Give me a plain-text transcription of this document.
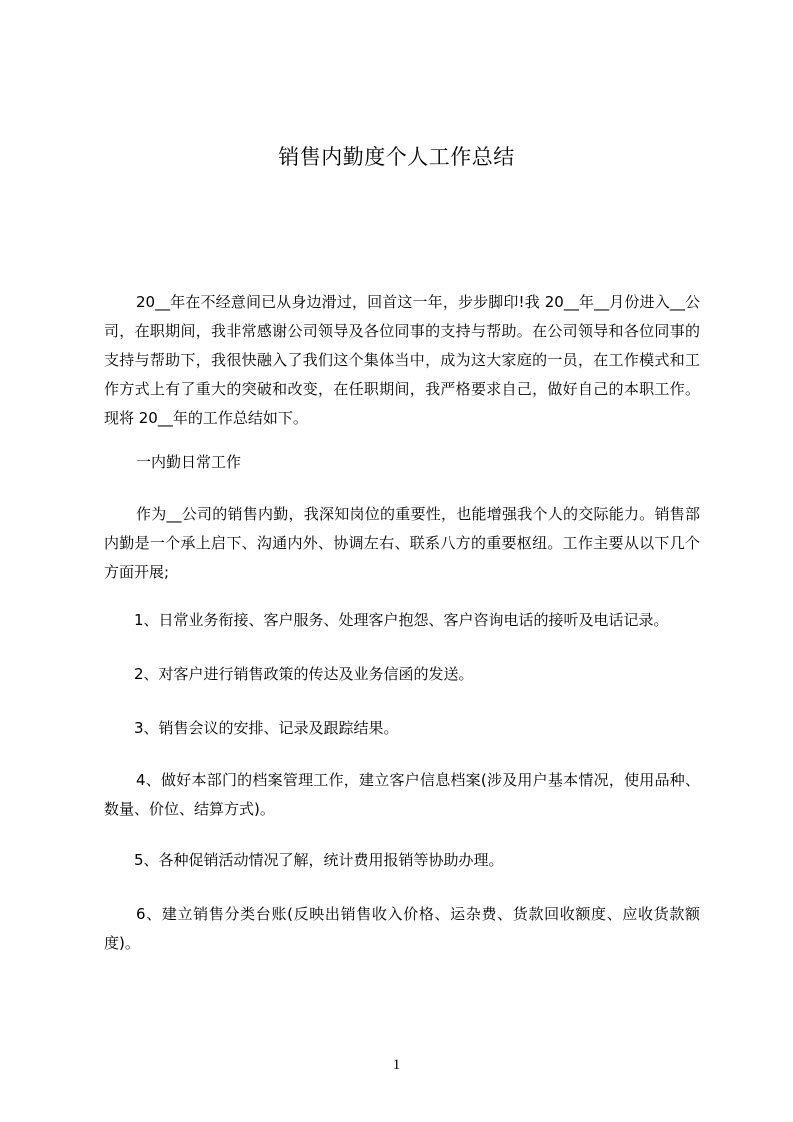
销售内勤度个人工作总结

20__年在不经意间已从身边滑过，回首这一年，步步脚印!我 20__年__月份进入__公司，在职期间，我非常感谢公司领导及各位同事的支持与帮助。在公司领导和各位同事的支持与帮助下，我很快融入了我们这个集体当中，成为这大家庭的一员，在工作模式和工作方式上有了重大的突破和改变，在任职期间，我严格要求自己，做好自己的本职工作。现将 20__年的工作总结如下。

一内勤日常工作

作为__公司的销售内勤，我深知岗位的重要性，也能增强我个人的交际能力。销售部内勤是一个承上启下、沟通内外、协调左右、联系八方的重要枢纽。工作主要从以下几个方面开展;

1、日常业务衔接、客户服务、处理客户抱怨、客户咨询电话的接听及电话记录。

2、对客户进行销售政策的传达及业务信函的发送。

3、销售会议的安排、记录及跟踪结果。

4、做好本部门的档案管理工作，建立客户信息档案(涉及用户基本情况，使用品种、数量、价位、结算方式)。

5、各种促销活动情况了解，统计费用报销等协助办理。

6、建立销售分类台账(反映出销售收入价格、运杂费、货款回收额度、应收货款额度)。

1
